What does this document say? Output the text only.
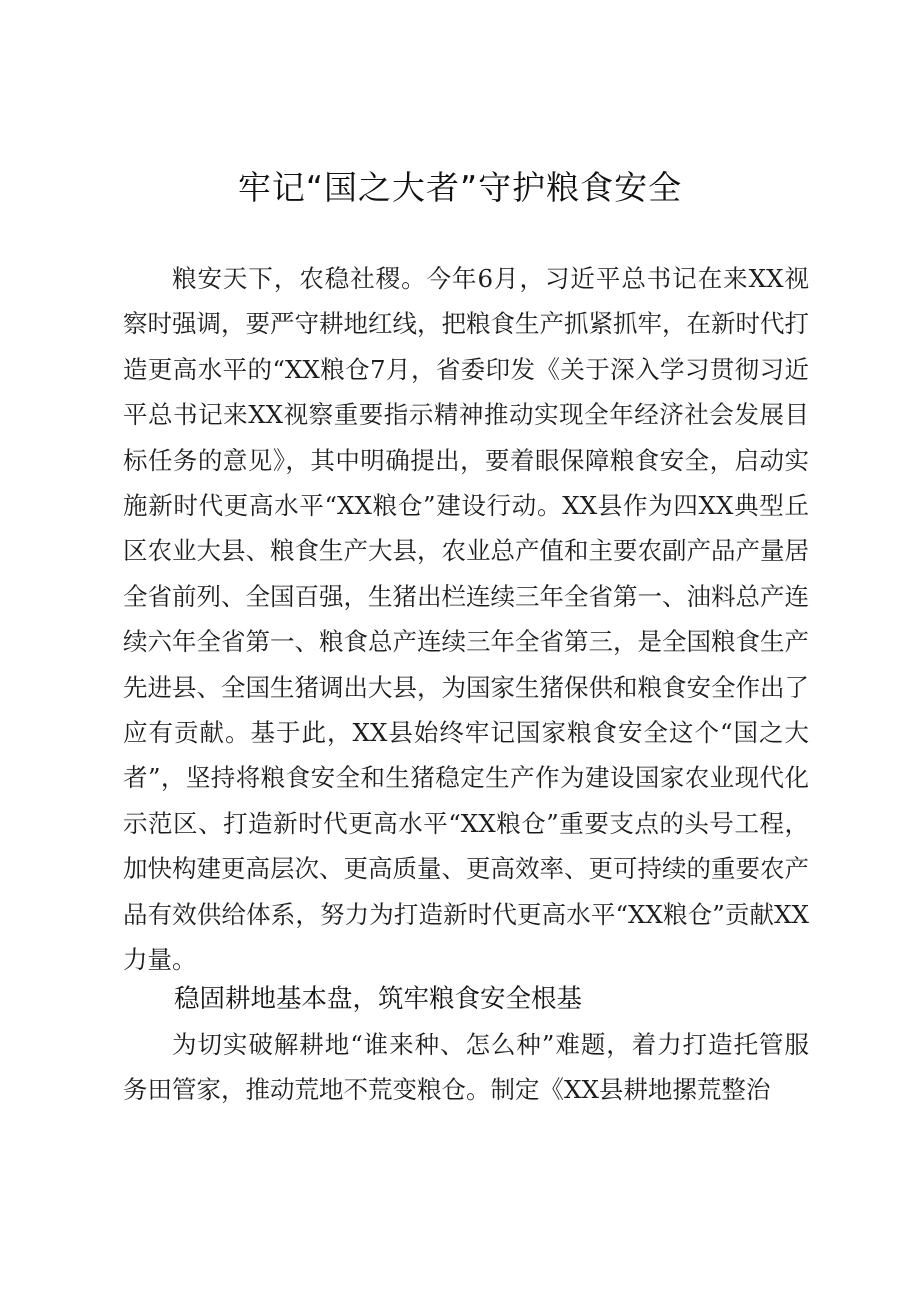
牢记“国之大者”守护粮食安全

粮安天下，农稳社稷。今年6月，习近平总书记在来XX视察时强调，要严守耕地红线，把粮食生产抓紧抓牢，在新时代打造更高水平的“XX粮仓7月，省委印发《关于深入学习贯彻习近平总书记来XX视察重要指示精神推动实现全年经济社会发展目标任务的意见》，其中明确提出，要着眼保障粮食安全，启动实施新时代更高水平“XX粮仓”建设行动。XX县作为四XX典型丘区农业大县、粮食生产大县，农业总产值和主要农副产品产量居全省前列、全国百强，生猪出栏连续三年全省第一、油料总产连续六年全省第一、粮食总产连续三年全省第三，是全国粮食生产先进县、全国生猪调出大县，为国家生猪保供和粮食安全作出了应有贡献。基于此，XX县始终牢记国家粮食安全这个“国之大者”，坚持将粮食安全和生猪稳定生产作为建设国家农业现代化示范区、打造新时代更高水平“XX粮仓”重要支点的头号工程，加快构建更高层次、更高质量、更高效率、更可持续的重要农产品有效供给体系，努力为打造新时代更高水平“XX粮仓”贡献XX力量。

稳固耕地基本盘，筑牢粮食安全根基

为切实破解耕地“谁来种、怎么种”难题，着力打造托管服务田管家，推动荒地不荒变粮仓。制定《XX县耕地摞荒整治
